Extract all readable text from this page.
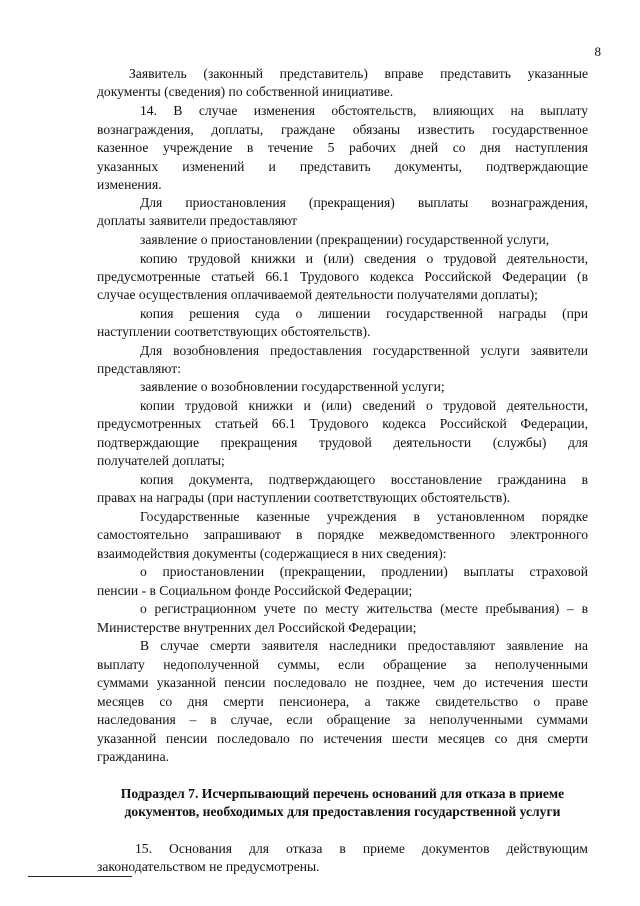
8
Заявитель (законный представитель) вправе представить указанные
документы (сведения) по собственной инициативе.
14. В случае изменения обстоятельств, влияющих на выплату
вознаграждения, доплаты, граждане обязаны известить государственное
казенное учреждение в течение 5 рабочих дней со дня наступления
указанных изменений и представить документы, подтверждающие
изменения.
Для приостановления (прекращения) выплаты вознаграждения,
доплаты заявители предоставляют
заявление о приостановлении (прекращении) государственной услуги,
копию трудовой книжки и (или) сведения о трудовой деятельности,
предусмотренные статьей 66.1 Трудового кодекса Российской Федерации (в
случае осуществления оплачиваемой деятельности получателями доплаты);
копия решения суда о лишении государственной награды (при
наступлении соответствующих обстоятельств).
Для возобновления предоставления государственной услуги заявители
представляют:
заявление о возобновлении государственной услуги;
копии трудовой книжки и (или) сведений о трудовой деятельности,
предусмотренных статьей 66.1 Трудового кодекса Российской Федерации,
подтверждающие прекращения трудовой деятельности (службы) для
получателей доплаты;
копия документа, подтверждающего восстановление гражданина в
правах на награды (при наступлении соответствующих обстоятельств).
Государственные казенные учреждения в установленном порядке
самостоятельно запрашивают в порядке межведомственного электронного
взаимодействия документы (содержащиеся в них сведения):
о приостановлении (прекращении, продлении) выплаты страховой
пенсии - в Социальном фонде Российской Федерации;
о регистрационном учете по месту жительства (месте пребывания) – в
Министерстве внутренних дел Российской Федерации;
В случае смерти заявителя наследники предоставляют заявление на
выплату недополученной суммы, если обращение за неполученными
суммами указанной пенсии последовало не позднее, чем до истечения шести
месяцев со дня смерти пенсионера, а также свидетельство о праве
наследования – в случае, если обращение за неполученными суммами
указанной пенсии последовало по истечения шести месяцев со дня смерти
гражданина.
Подраздел 7. Исчерпывающий перечень оснований для отказа в приеме
документов, необходимых для предоставления государственной услуги
15. Основания для отказа в приеме документов действующим
законодательством не предусмотрены.
